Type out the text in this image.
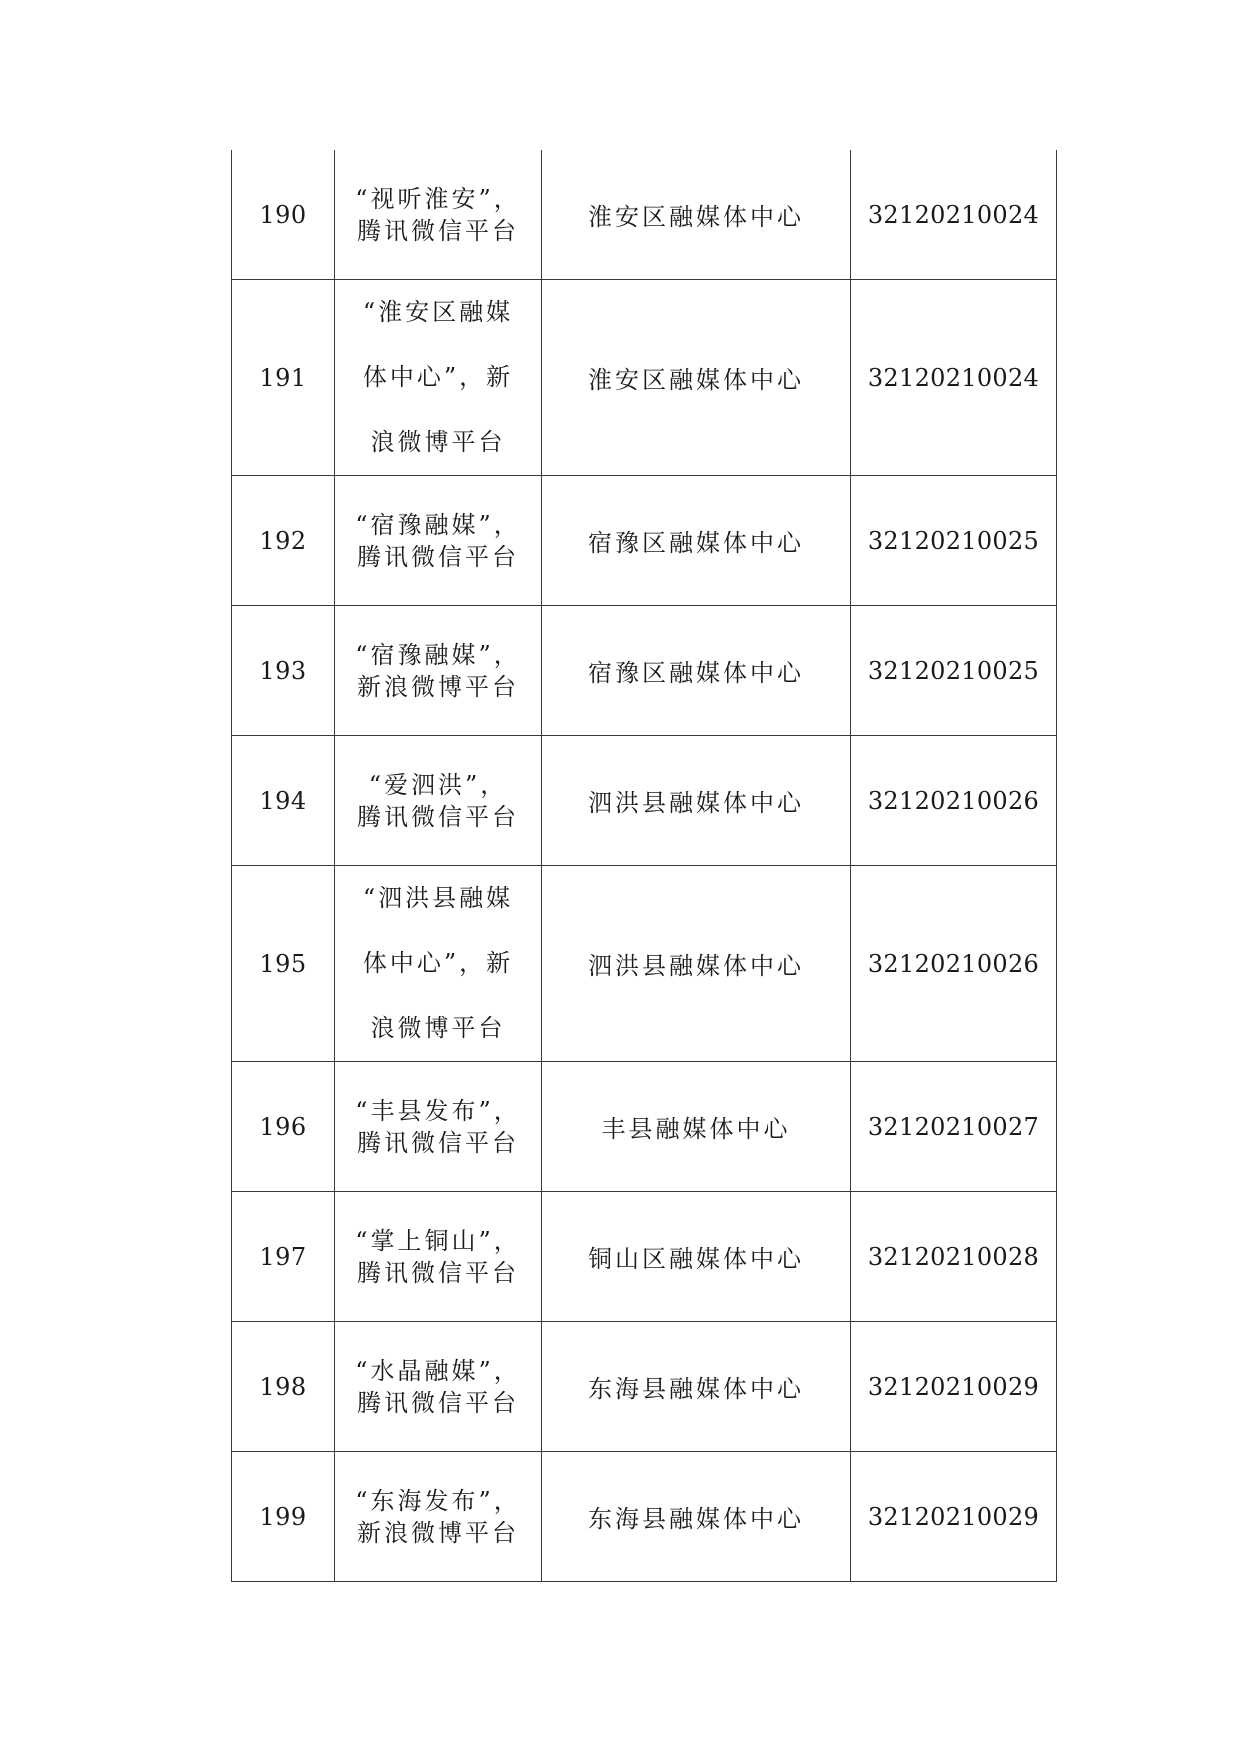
190	“视听淮安”，
腾讯微信平台	淮安区融媒体中心	32120210024
191	“淮安区融媒
体中心”，新
浪微博平台	淮安区融媒体中心	32120210024
192	“宿豫融媒”，
腾讯微信平台	宿豫区融媒体中心	32120210025
193	“宿豫融媒”，
新浪微博平台	宿豫区融媒体中心	32120210025
194	“爱泗洪”，
腾讯微信平台	泗洪县融媒体中心	32120210026
195	“泗洪县融媒
体中心”，新
浪微博平台	泗洪县融媒体中心	32120210026
196	“丰县发布”，
腾讯微信平台	丰县融媒体中心	32120210027
197	“掌上铜山”，
腾讯微信平台	铜山区融媒体中心	32120210028
198	“水晶融媒”，
腾讯微信平台	东海县融媒体中心	32120210029
199	“东海发布”，
新浪微博平台	东海县融媒体中心	32120210029
